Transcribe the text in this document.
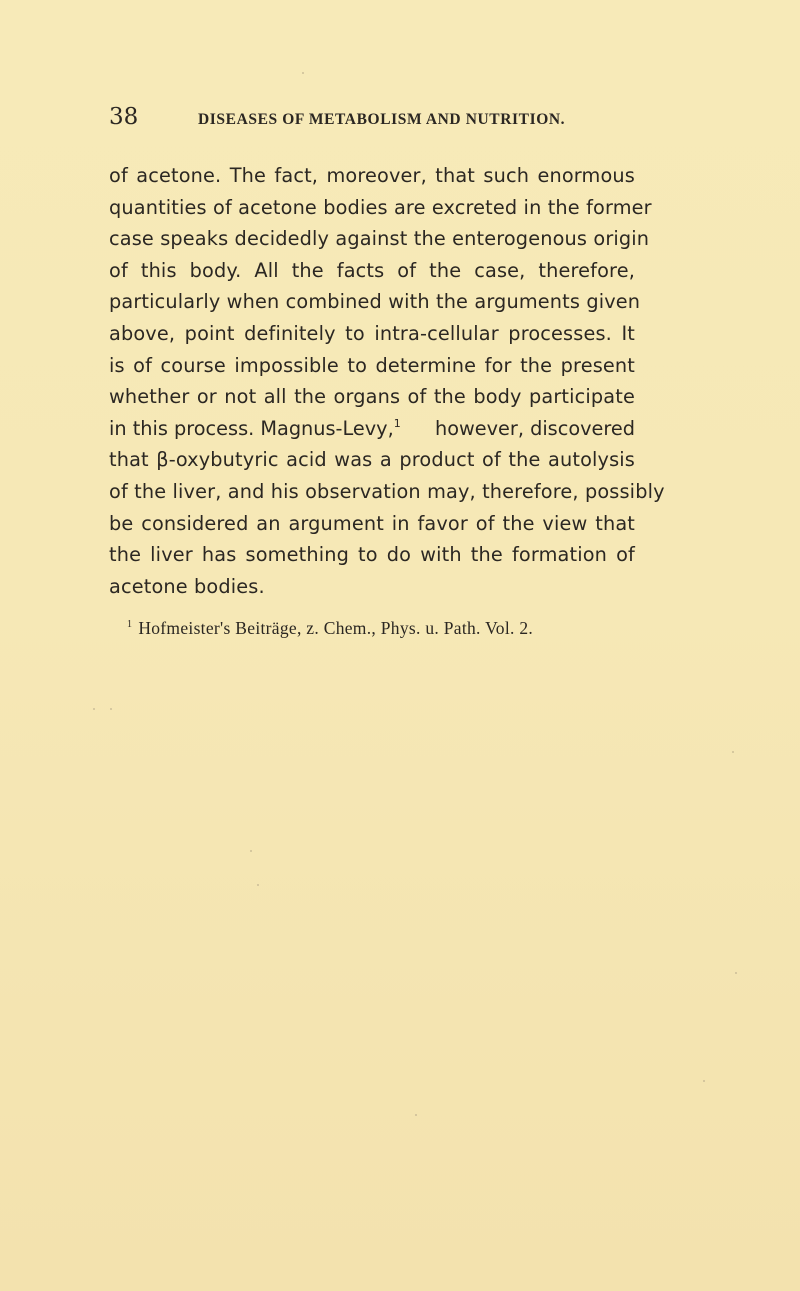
38	DISEASES OF METABOLISM AND NUTRITION.
of acetone. The fact, moreover, that such enormous
quantities of acetone bodies are excreted in the former
case speaks decidedly against the enterogenous origin
of this body. All the facts of the case, therefore,
particularly when combined with the arguments given
above, point definitely to intra-cellular processes. It
is of course impossible to determine for the present
whether or not all the organs of the body participate
in this process. Magnus-Levy,$^1$ however, discovered
that β-oxybutyric acid was a product of the autolysis
of the liver, and his observation may, therefore, possibly
be considered an argument in favor of the view that
the liver has something to do with the formation of
acetone bodies.
$^1$ Hofmeister's Beiträge, z. Chem., Phys. u. Path. Vol. 2.
